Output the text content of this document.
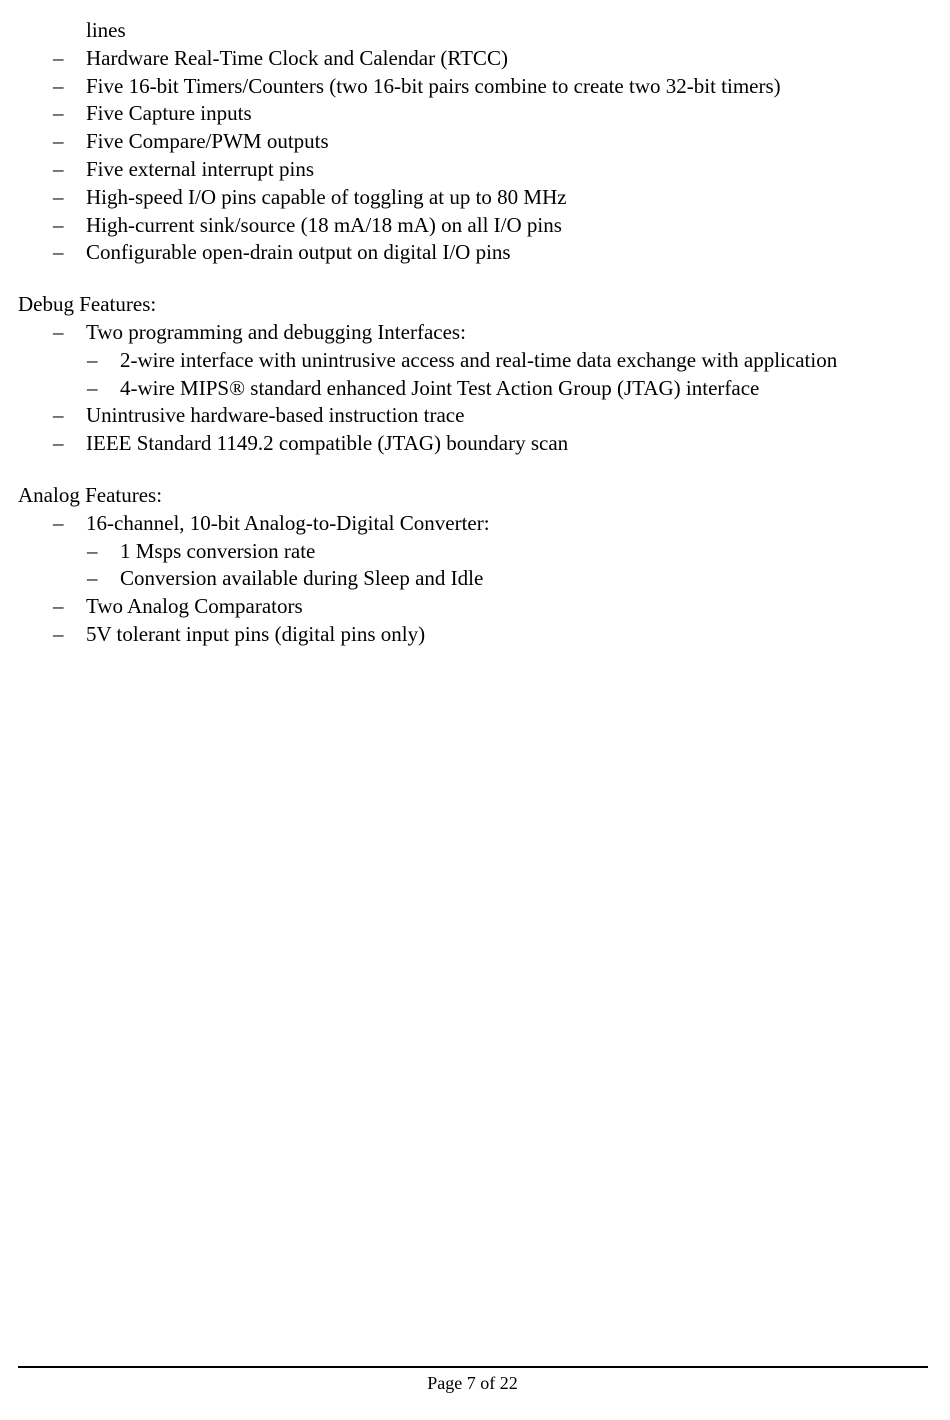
lines
– Hardware Real-Time Clock and Calendar (RTCC)
– Five 16-bit Timers/Counters (two 16-bit pairs combine to create two 32-bit timers)
– Five Capture inputs
– Five Compare/PWM outputs
– Five external interrupt pins
– High-speed I/O pins capable of toggling at up to 80 MHz
– High-current sink/source (18 mA/18 mA) on all I/O pins
– Configurable open-drain output on digital I/O pins
Debug Features:
– Two programming and debugging Interfaces:
– 2-wire interface with unintrusive access and real-time data exchange with application
– 4-wire MIPS® standard enhanced Joint Test Action Group (JTAG) interface
– Unintrusive hardware-based instruction trace
– IEEE Standard 1149.2 compatible (JTAG) boundary scan
Analog Features:
– 16-channel, 10-bit Analog-to-Digital Converter:
– 1 Msps conversion rate
– Conversion available during Sleep and Idle
– Two Analog Comparators
– 5V tolerant input pins (digital pins only)
Page 7 of 22
